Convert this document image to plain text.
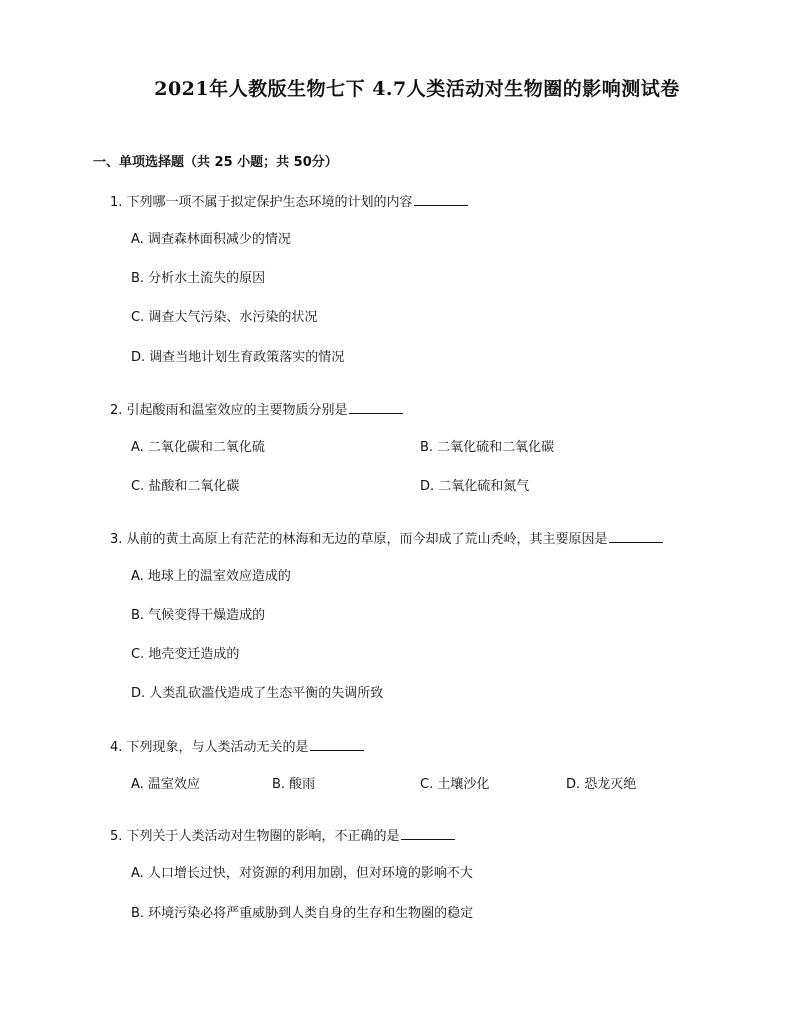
2021年人教版生物七下 4.7人类活动对生物圈的影响测试卷
一、单项选择题（共 25 小题；共 50分）
1. 下列哪一项不属于拟定保护生态环境的计划的内容
A. 调查森林面积减少的情况
B. 分析水土流失的原因
C. 调查大气污染、水污染的状况
D. 调查当地计划生育政策落实的情况
2. 引起酸雨和温室效应的主要物质分别是
A. 二氧化碳和二氧化硫	B. 二氧化硫和二氧化碳
C. 盐酸和二氧化碳	D. 二氧化硫和氮气
3. 从前的黄土高原上有茫茫的林海和无边的草原，而今却成了荒山秃岭，其主要原因是
A. 地球上的温室效应造成的
B. 气候变得干燥造成的
C. 地壳变迁造成的
D. 人类乱砍滥伐造成了生态平衡的失调所致
4. 下列现象，与人类活动无关的是
A. 温室效应	B. 酸雨	C. 土壤沙化	D. 恐龙灭绝
5. 下列关于人类活动对生物圈的影响，不正确的是
A. 人口增长过快，对资源的利用加剧，但对环境的影响不大
B. 环境污染必将严重威胁到人类自身的生存和生物圈的稳定
